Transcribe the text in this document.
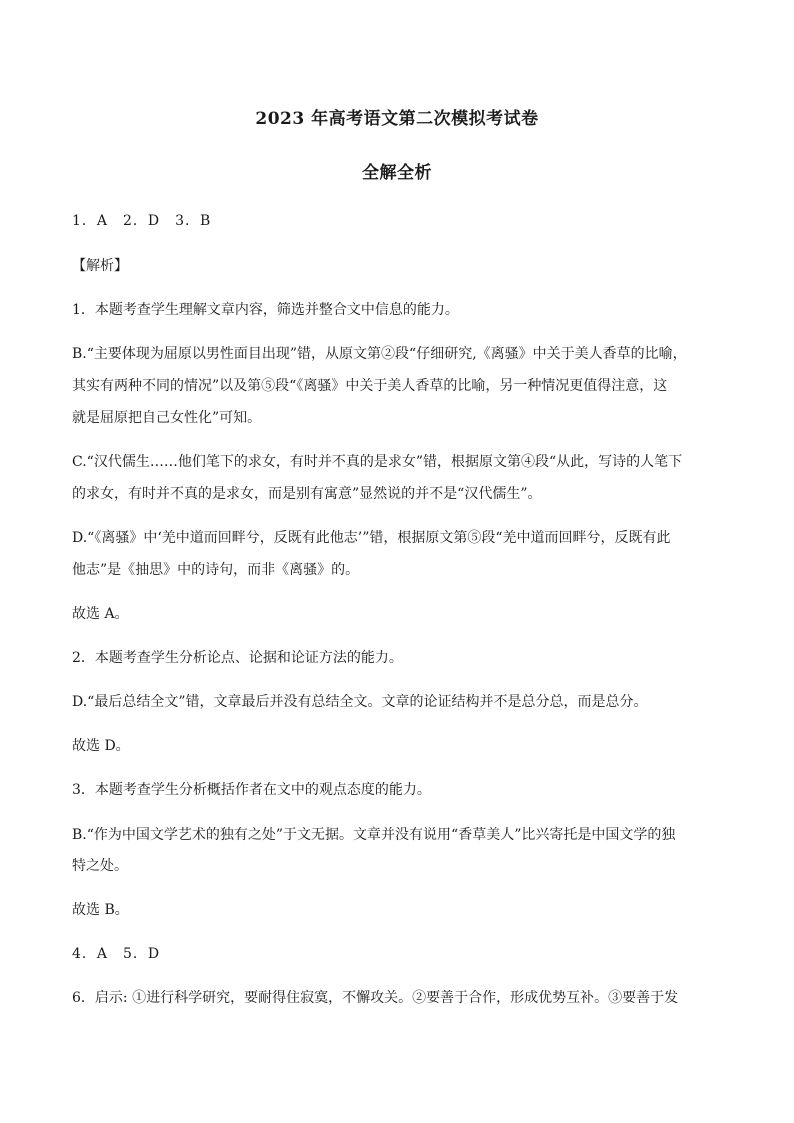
2023 年高考语文第二次模拟考试卷
全解全析
1．A　2．D　3．B
【解析】
1．本题考查学生理解文章内容，筛选并整合文中信息的能力。
B.“主要体现为屈原以男性面目出现”错，从原文第②段“仔细研究,《离骚》中关于美人香草的比喻，
其实有两种不同的情况”以及第⑤段“《离骚》中关于美人香草的比喻，另一种情况更值得注意，这
就是屈原把自己女性化”可知。
C.“汉代儒生……他们笔下的求女，有时并不真的是求女”错，根据原文第④段“从此，写诗的人笔下
的求女，有时并不真的是求女，而是别有寓意”显然说的并不是“汉代儒生”。
D.“《离骚》中‘羌中道而回畔兮，反既有此他志’”错，根据原文第⑤段“羌中道而回畔兮，反既有此
他志”是《抽思》中的诗句，而非《离骚》的。
故选 A。
2．本题考查学生分析论点、论据和论证方法的能力。
D.“最后总结全文”错，文章最后并没有总结全文。文章的论证结构并不是总分总，而是总分。
故选 D。
3．本题考查学生分析概括作者在文中的观点态度的能力。
B.“作为中国文学艺术的独有之处”于文无据。文章并没有说用“香草美人”比兴寄托是中国文学的独
特之处。
故选 B。
4．A　5．D
6．启示: ①进行科学研究，要耐得住寂寞，不懈攻关。②要善于合作，形成优势互补。③要善于发
